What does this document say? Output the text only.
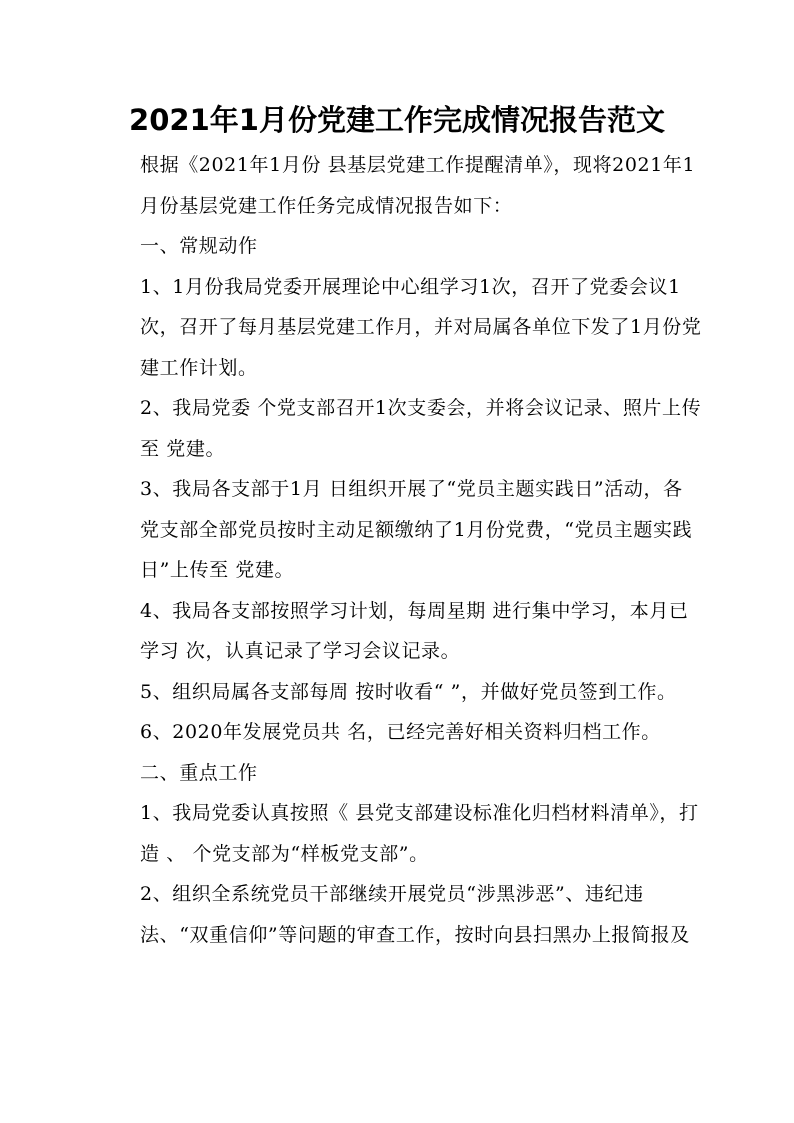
2021年1月份党建工作完成情况报告范文

根据《2021年1月份 县基层党建工作提醒清单》，现将2021年1月份基层党建工作任务完成情况报告如下：

一、常规动作

1、1月份我局党委开展理论中心组学习1次，召开了党委会议1次，召开了每月基层党建工作月，并对局属各单位下发了1月份党建工作计划。

2、我局党委 个党支部召开1次支委会，并将会议记录、照片上传至 党建。

3、我局各支部于1月 日组织开展了“党员主题实践日”活动，各党支部全部党员按时主动足额缴纳了1月份党费，“党员主题实践日”上传至 党建。

4、我局各支部按照学习计划，每周星期 进行集中学习，本月已学习 次，认真记录了学习会议记录。

5、组织局属各支部每周 按时收看“ ”，并做好党员签到工作。

6、2020年发展党员共 名，已经完善好相关资料归档工作。

二、重点工作

1、我局党委认真按照《 县党支部建设标准化归档材料清单》，打造 、 个党支部为“样板党支部”。

2、组织全系统党员干部继续开展党员“涉黑涉恶”、违纪违法、“双重信仰”等问题的审查工作，按时向县扫黑办上报简报及
